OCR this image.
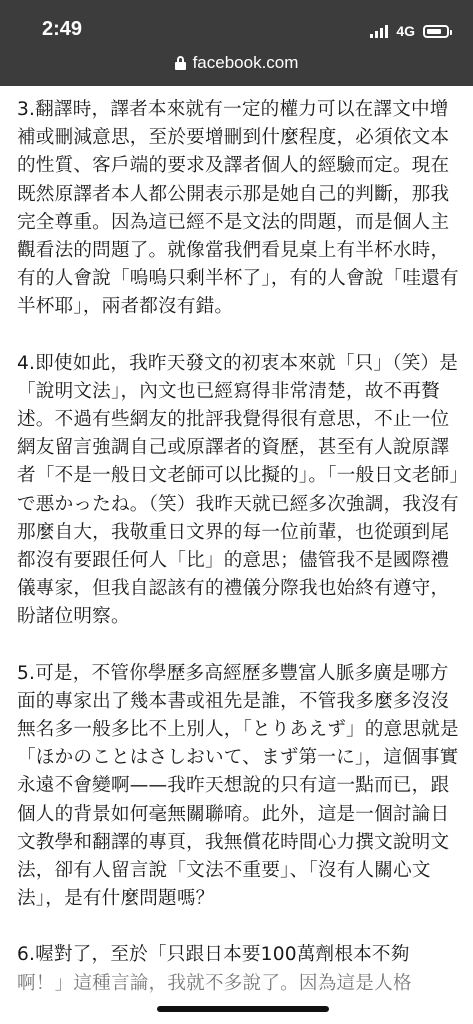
2:49	4G
facebook.com

3.翻譯時，譯者本來就有一定的權力可以在譯文中增補或刪減意思，至於要增刪到什麼程度，必須依文本的性質、客戶端的要求及譯者個人的經驗而定。現在既然原譯者本人都公開表示那是她自己的判斷，那我完全尊重。因為這已經不是文法的問題，而是個人主觀看法的問題了。就像當我們看見桌上有半杯水時，有的人會說「嗚嗚只剩半杯了」，有的人會說「哇還有半杯耶」，兩者都沒有錯。

4.即使如此，我昨天發文的初衷本來就「只」（笑）是「說明文法」，內文也已經寫得非常清楚，故不再贅述。不過有些網友的批評我覺得很有意思，不止一位網友留言強調自己或原譯者的資歷，甚至有人說原譯者「不是一般日文老師可以比擬的」。「一般日文老師」で悪かったね。（笑）我昨天就已經多次強調，我沒有那麼自大，我敬重日文界的每一位前輩，也從頭到尾都沒有要跟任何人「比」的意思；儘管我不是國際禮儀專家，但我自認該有的禮儀分際我也始終有遵守，盼諸位明察。

5.可是，不管你學歷多高經歷多豐富人脈多廣是哪方面的專家出了幾本書或祖先是誰，不管我多麼多沒沒無名多一般多比不上別人，「とりあえず」的意思就是「ほかのことはさしおいて、まず第一に」，這個事實永遠不會變啊——我昨天想說的只有這一點而已，跟個人的背景如何毫無關聯唷。此外，這是一個討論日文教學和翻譯的專頁，我無償花時間心力撰文說明文法，卻有人留言說「文法不重要」、「沒有人關心文法」，是有什麼問題嗎？

6.喔對了，至於「只跟日本要100萬劑根本不夠
啊！」這種言論，我就不多說了。因為這是人格
